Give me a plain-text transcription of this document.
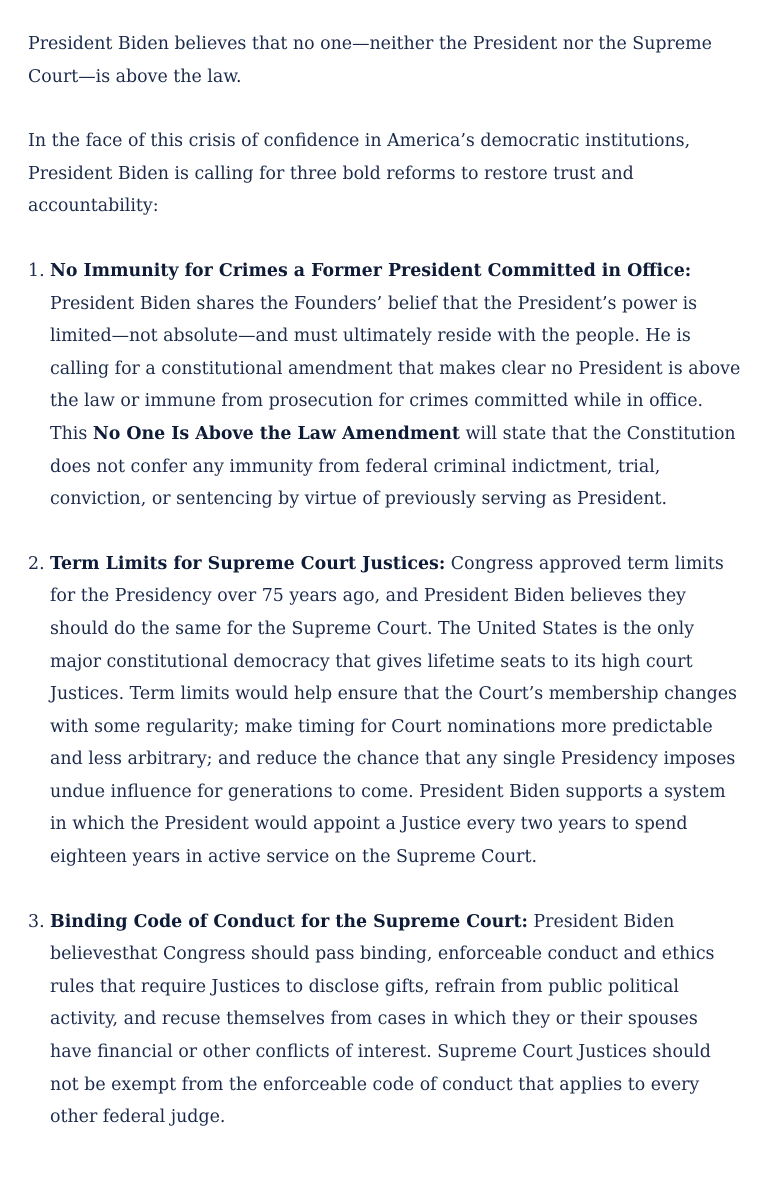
President Biden believes that no one—neither the President nor the Supreme Court—is above the law.

In the face of this crisis of confidence in America’s democratic institutions, President Biden is calling for three bold reforms to restore trust and accountability:

1. No Immunity for Crimes a Former President Committed in Office: President Biden shares the Founders’ belief that the President’s power is limited—not absolute—and must ultimately reside with the people. He is calling for a constitutional amendment that makes clear no President is above the law or immune from prosecution for crimes committed while in office. This No One Is Above the Law Amendment will state that the Constitution does not confer any immunity from federal criminal indictment, trial, conviction, or sentencing by virtue of previously serving as President.
2. Term Limits for Supreme Court Justices: Congress approved term limits for the Presidency over 75 years ago, and President Biden believes they should do the same for the Supreme Court. The United States is the only major constitutional democracy that gives lifetime seats to its high court Justices. Term limits would help ensure that the Court’s membership changes with some regularity; make timing for Court nominations more predictable and less arbitrary; and reduce the chance that any single Presidency imposes undue influence for generations to come. President Biden supports a system in which the President would appoint a Justice every two years to spend eighteen years in active service on the Supreme Court.
3. Binding Code of Conduct for the Supreme Court: President Biden believesthat Congress should pass binding, enforceable conduct and ethics rules that require Justices to disclose gifts, refrain from public political activity, and recuse themselves from cases in which they or their spouses have financial or other conflicts of interest. Supreme Court Justices should not be exempt from the enforceable code of conduct that applies to every other federal judge.
